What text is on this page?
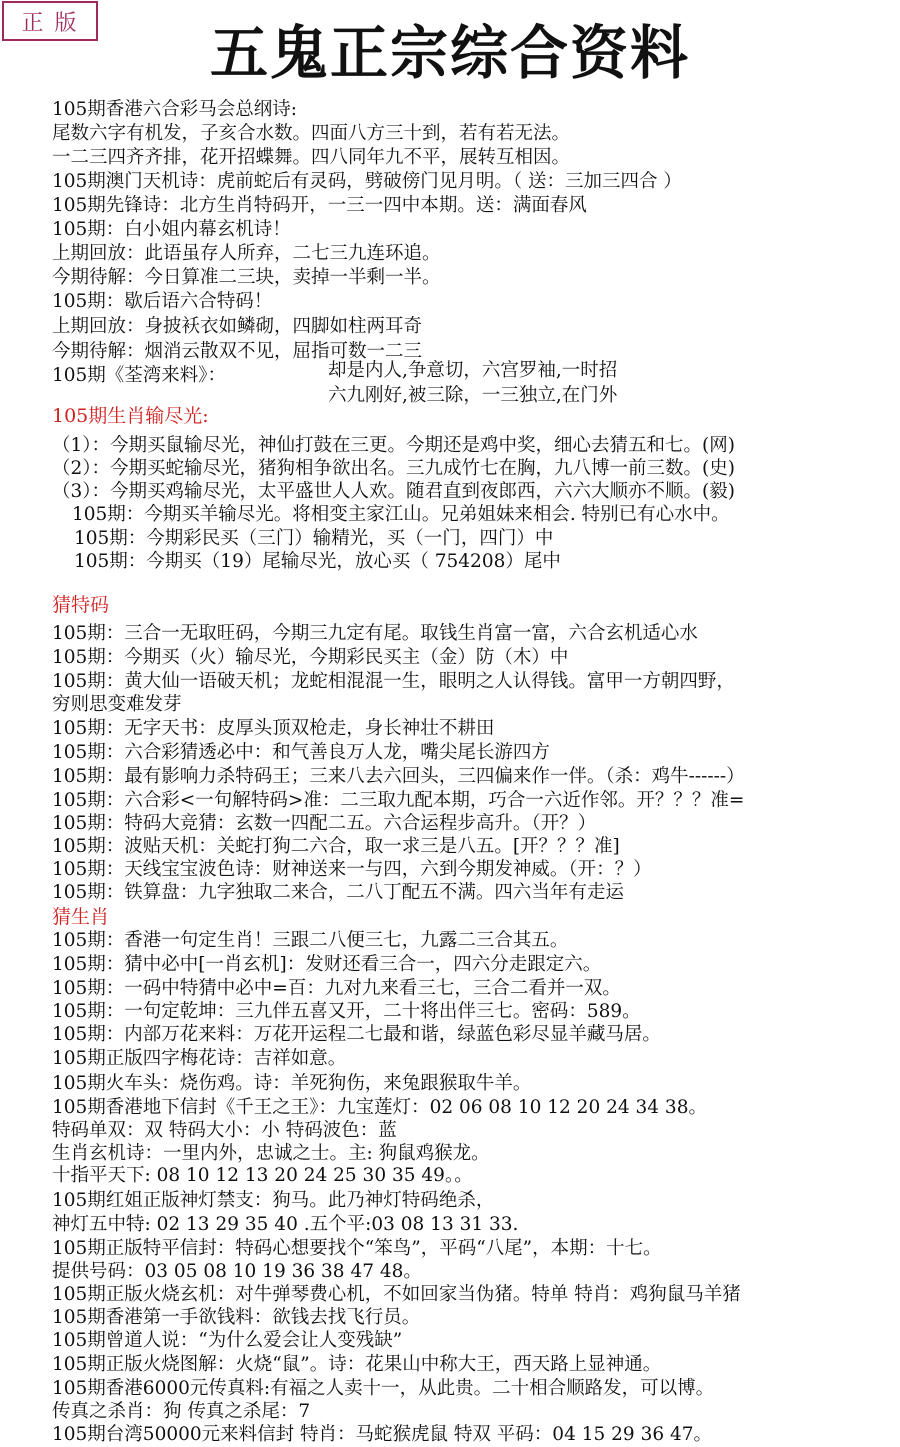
正 版	五鬼正宗综合资料
105期香港六合彩马会总纲诗:
尾数六字有机发，子亥合水数。四面八方三十到，若有若无法。
一二三四齐齐排，花开招蝶舞。四八同年九不平，展转互相因。
105期澳门天机诗：虎前蛇后有灵码，劈破傍门见月明。（ 送：三加三四合 ）
105期先锋诗：北方生肖特码开，一三一四中本期。送：满面春风
105期：白小姐内幕玄机诗！
上期回放：此语虽存人所弃，二七三九连环追。
今期待解：今日算准二三块，卖掉一半剩一半。
105期：歇后语六合特码！
上期回放：身披袄衣如鳞砌，四脚如柱两耳奇
今期待解：烟消云散双不见，屈指可数一二三
105期《荃湾来料》：	却是内人,争意切，六宫罗袖,一时招
六九刚好,被三除，一三独立,在门外
105期生肖输尽光:
（1）：今期买鼠输尽光，神仙打鼓在三更。今期还是鸡中奖，细心去猜五和七。(网)
（2）：今期买蛇输尽光，猪狗相争欲出名。三九成竹七在胸，九八博一前三数。(史)
（3）：今期买鸡输尽光，太平盛世人人欢。随君直到夜郎西，六六大顺亦不顺。(毅)
105期：今期买羊输尽光。将相变主家江山。兄弟姐妹来相会. 特别已有心水中。
105期：今期彩民买（三门）输精光，买（一门，四门）中
105期：今期买（19）尾输尽光，放心买（ 754208）尾中
猜特码
105期：三合一无取旺码，今期三九定有尾。取钱生肖富一富，六合玄机适心水
105期：今期买（火）输尽光，今期彩民买主（金）防（木）中
105期：黄大仙一语破天机；龙蛇相混混一生，眼明之人认得钱。富甲一方朝四野，
穷则思变难发芽
105期：无字天书：皮厚头顶双枪走，身长神壮不耕田
105期：六合彩猜透必中：和气善良万人龙，嘴尖尾长游四方
105期：最有影响力杀特码王；三来八去六回头，三四偏来作一伴。（杀：鸡牛------）
105期：六合彩<一句解特码>准：二三取九配本期，巧合一六近作邻。开？？？准=
105期：特码大竞猜：玄数一四配二五。六合运程步高升。（开？）
105期：波贴天机：关蛇打狗二六合，取一求三是八五。[开？？？准]
105期：天线宝宝波色诗：财神送来一与四，六到今期发神威。（开：？）
105期：铁算盘：九字独取二来合，二八丁配五不满。四六当年有走运
猜生肖
105期：香港一句定生肖！三跟二八便三七，九露二三合其五。
105期：猜中必中[一肖玄机]：发财还看三合一，四六分走跟定六。
105期：一码中特猜中必中=百：九对九来看三七，三合二看并一双。
105期：一句定乾坤：三九伴五喜又开，二十将出伴三七。密码：589。
105期：内部万花来料：万花开运程二七最和谐，绿蓝色彩尽显羊藏马居。
105期正版四字梅花诗：吉祥如意。
105期火车头：烧伤鸡。诗：羊死狗伤，来兔跟猴取牛羊。
105期香港地下信封《千王之王》：九宝莲灯：02 06 08 10 12 20 24 34 38。
特码单双：双 特码大小：小 特码波色：蓝
生肖玄机诗：一里内外，忠诚之士。主: 狗鼠鸡猴龙。
十指平天下: 08 10 12 13 20 24 25 30 35 49。。
105期红姐正版神灯禁支：狗马。此乃神灯特码绝杀，
神灯五中特: 02 13 29 35 40 .五个平:03 08 13 31 33.
105期正版特平信封：特码心想要找个“笨鸟”，平码“八尾”，本期：十七。
提供号码：03 05 08 10 19 36 38 47 48。
105期正版火烧玄机：对牛弹琴费心机，不如回家当伪猪。特单 特肖：鸡狗鼠马羊猪
105期香港第一手欲钱料：欲钱去找飞行员。
105期曾道人说：“为什么爱会让人变残缺”
105期正版火烧图解：火烧“鼠”。诗：花果山中称大王，西天路上显神通。
105期香港6000元传真料:有福之人卖十一，从此贵。二十相合顺路发，可以博。
传真之杀肖：狗 传真之杀尾：7
105期台湾50000元来料信封 特肖：马蛇猴虎鼠 特双 平码：04 15 29 36 47。
